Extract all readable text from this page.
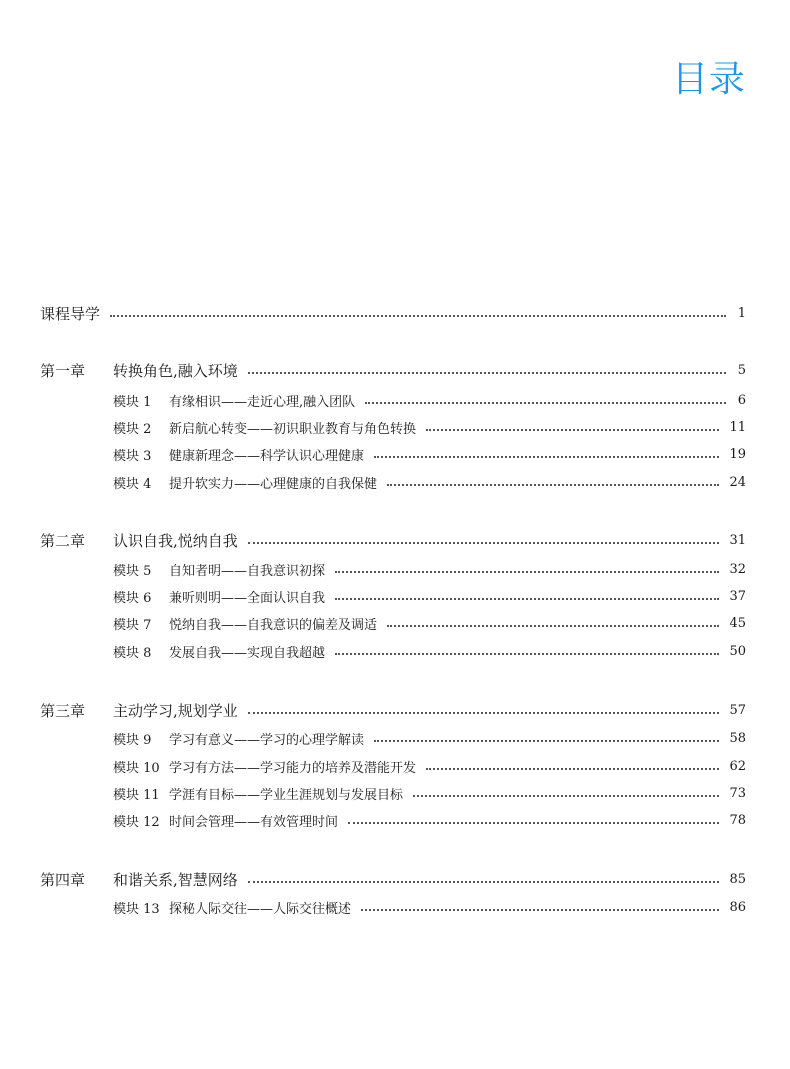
目录
课程导学	1
第一章 转换角色,融入环境	5
模块 1 有缘相识——走近心理,融入团队	6
模块 2 新启航心转变——初识职业教育与角色转换	11
模块 3 健康新理念——科学认识心理健康	19
模块 4 提升软实力——心理健康的自我保健	24
第二章 认识自我,悦纳自我	31
模块 5 自知者明——自我意识初探	32
模块 6 兼听则明——全面认识自我	37
模块 7 悦纳自我——自我意识的偏差及调适	45
模块 8 发展自我——实现自我超越	50
第三章 主动学习,规划学业	57
模块 9 学习有意义——学习的心理学解读	58
模块 10 学习有方法——学习能力的培养及潜能开发	62
模块 11 学涯有目标——学业生涯规划与发展目标	73
模块 12 时间会管理——有效管理时间	78
第四章 和谐关系,智慧网络	85
模块 13 探秘人际交往——人际交往概述	86
